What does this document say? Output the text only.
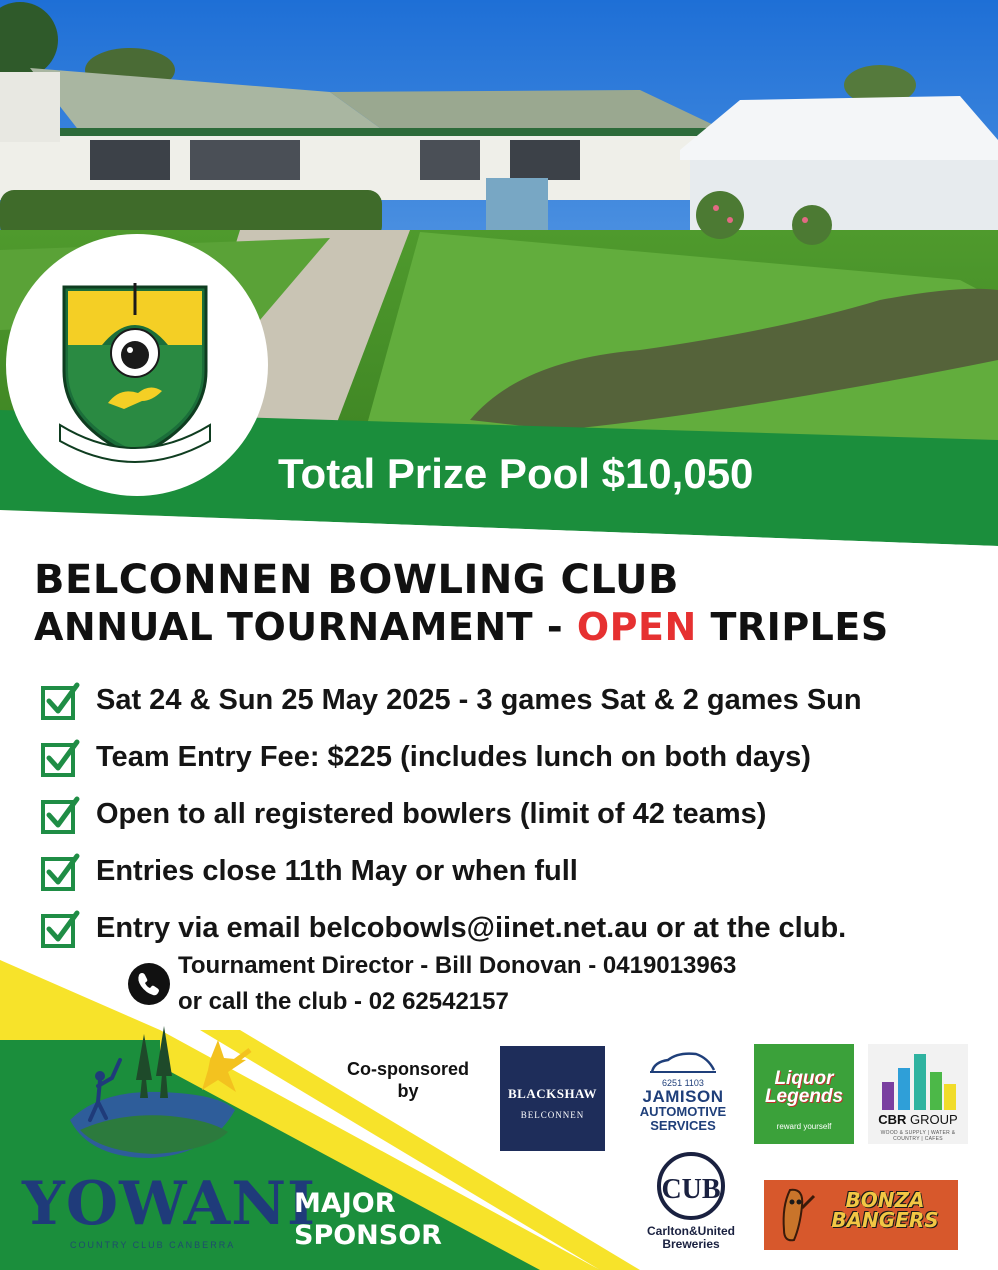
Total Prize Pool $10,050
BELCONNEN BOWLING CLUB
ANNUAL TOURNAMENT - OPEN TRIPLES
Sat 24 & Sun 25 May 2025 - 3 games Sat & 2 games Sun
Team Entry Fee: $225 (includes lunch on both days)
Open to all registered bowlers (limit of 42 teams)
Entries close 11th May or when full
Entry via email belcobowls@iinet.net.au or at the club.
Tournament Director - Bill Donovan - 0419013963
or call the club - 02 62542157
YOWANI
COUNTRY CLUB CANBERRA
MAJOR
SPONSOR
Co-sponsored
by	BLACKSHAW
BELCONNEN
6251 1103
JAMISON
AUTOMOTIVE
SERVICES
Liquor
Legends
reward yourself	CBR GROUP
WOOD & SUPPLY | WATER & COUNTRY | CAFES
CUB
Carlton&United
Breweries
BONZA
BANGERS
